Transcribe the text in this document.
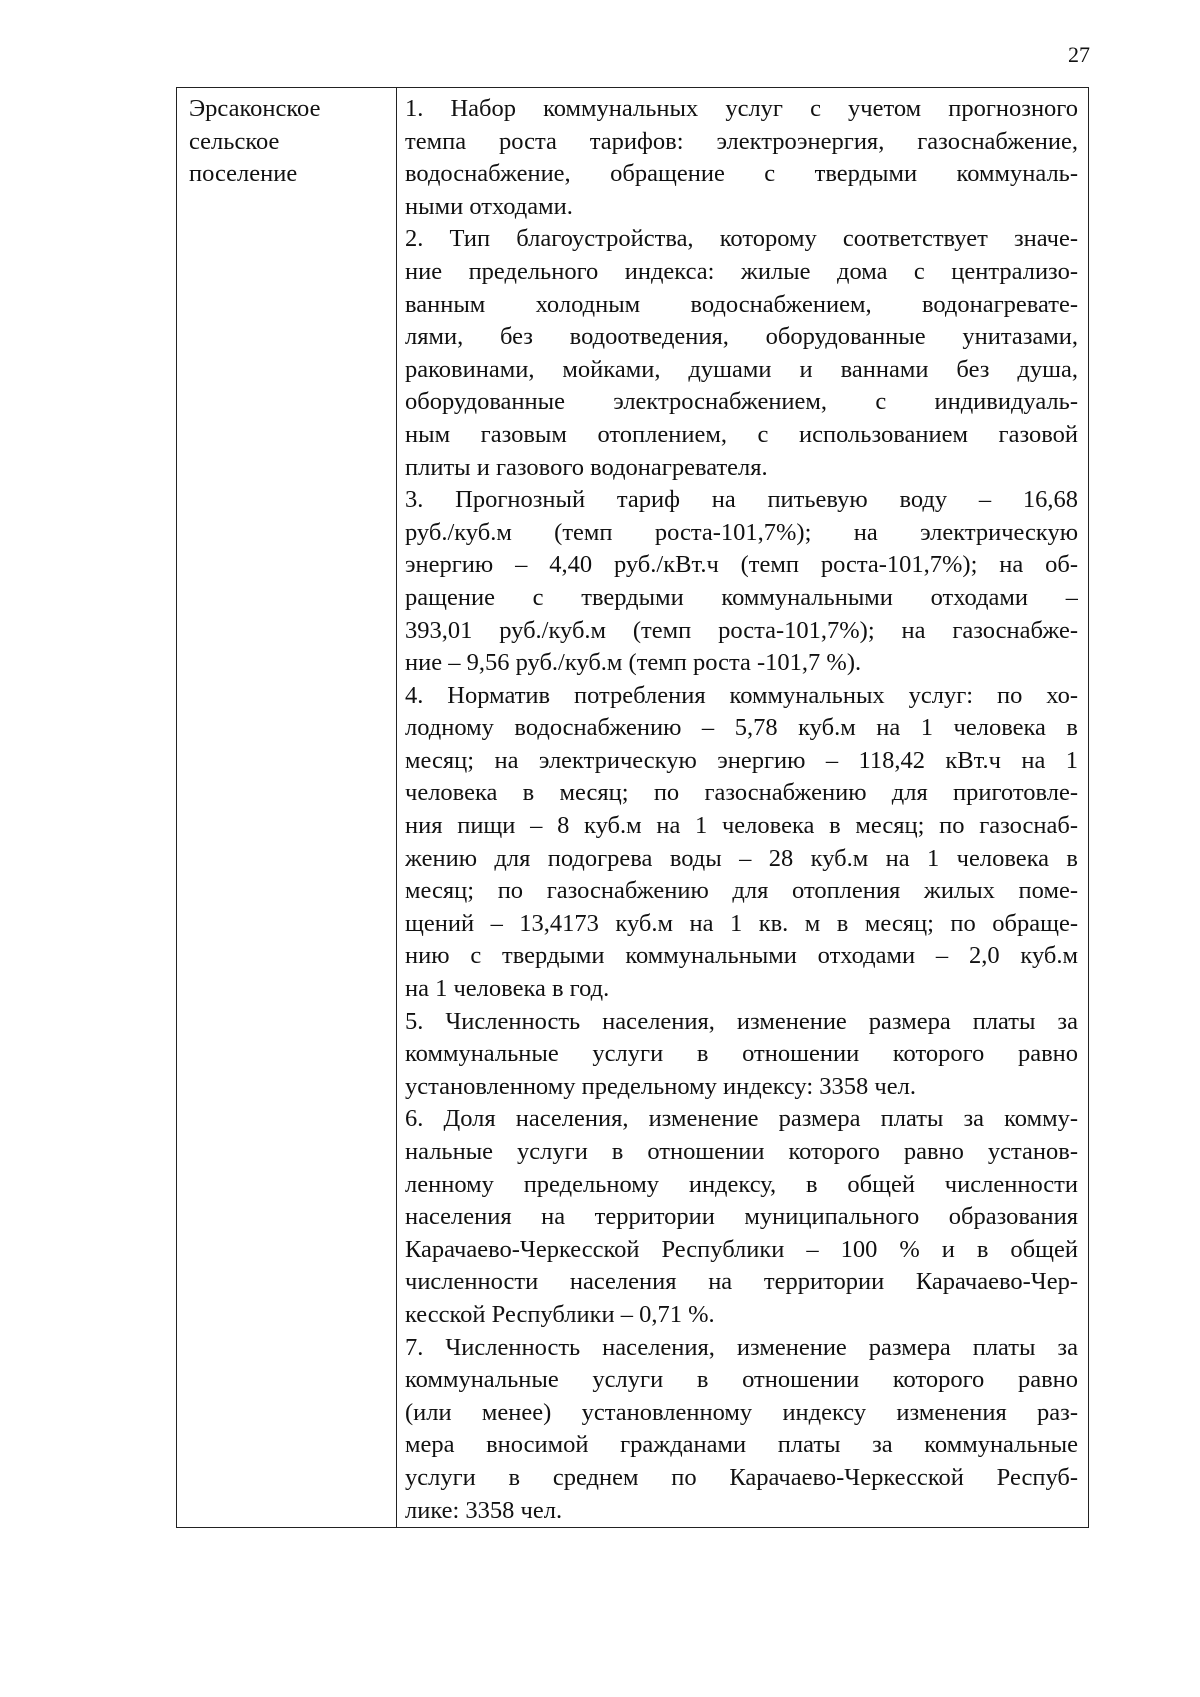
27
Эрсаконское
сельское
поселение
1. Набор коммунальных услуг с учетом прогнозного
темпа роста тарифов: электроэнергия, газоснабжение,
водоснабжение, обращение с твердыми коммуналь-
ными отходами.
2. Тип благоустройства, которому соответствует значе-
ние предельного индекса: жилые дома с централизо-
ванным холодным водоснабжением, водонагревате-
лями, без водоотведения, оборудованные унитазами,
раковинами, мойками, душами и ваннами без душа,
оборудованные электроснабжением, с индивидуаль-
ным газовым отоплением, с использованием газовой
плиты и газового водонагревателя.
3. Прогнозный тариф на питьевую воду – 16,68
руб./куб.м (темп роста-101,7%); на электрическую
энергию – 4,40 руб./кВт.ч (темп роста-101,7%); на об-
ращение с твердыми коммунальными отходами –
393,01 руб./куб.м (темп роста-101,7%); на газоснабже-
ние – 9,56 руб./куб.м (темп роста -101,7 %).
4. Норматив потребления коммунальных услуг: по хо-
лодному водоснабжению – 5,78 куб.м на 1 человека в
месяц; на электрическую энергию – 118,42 кВт.ч на 1
человека в месяц; по газоснабжению для приготовле-
ния пищи – 8 куб.м на 1 человека в месяц; по газоснаб-
жению для подогрева воды – 28 куб.м на 1 человека в
месяц; по газоснабжению для отопления жилых поме-
щений – 13,4173 куб.м на 1 кв. м в месяц; по обраще-
нию с твердыми коммунальными отходами – 2,0 куб.м
на 1 человека в год.
5. Численность населения, изменение размера платы за
коммунальные услуги в отношении которого равно
установленному предельному индексу: 3358 чел.
6. Доля населения, изменение размера платы за комму-
нальные услуги в отношении которого равно установ-
ленному предельному индексу, в общей численности
населения на территории муниципального образования
Карачаево-Черкесской Республики – 100 % и в общей
численности населения на территории Карачаево-Чер-
кесской Республики – 0,71 %.
7. Численность населения, изменение размера платы за
коммунальные услуги в отношении которого равно
(или менее) установленному индексу изменения раз-
мера вносимой гражданами платы за коммунальные
услуги в среднем по Карачаево-Черкесской Респуб-
лике: 3358 чел.
